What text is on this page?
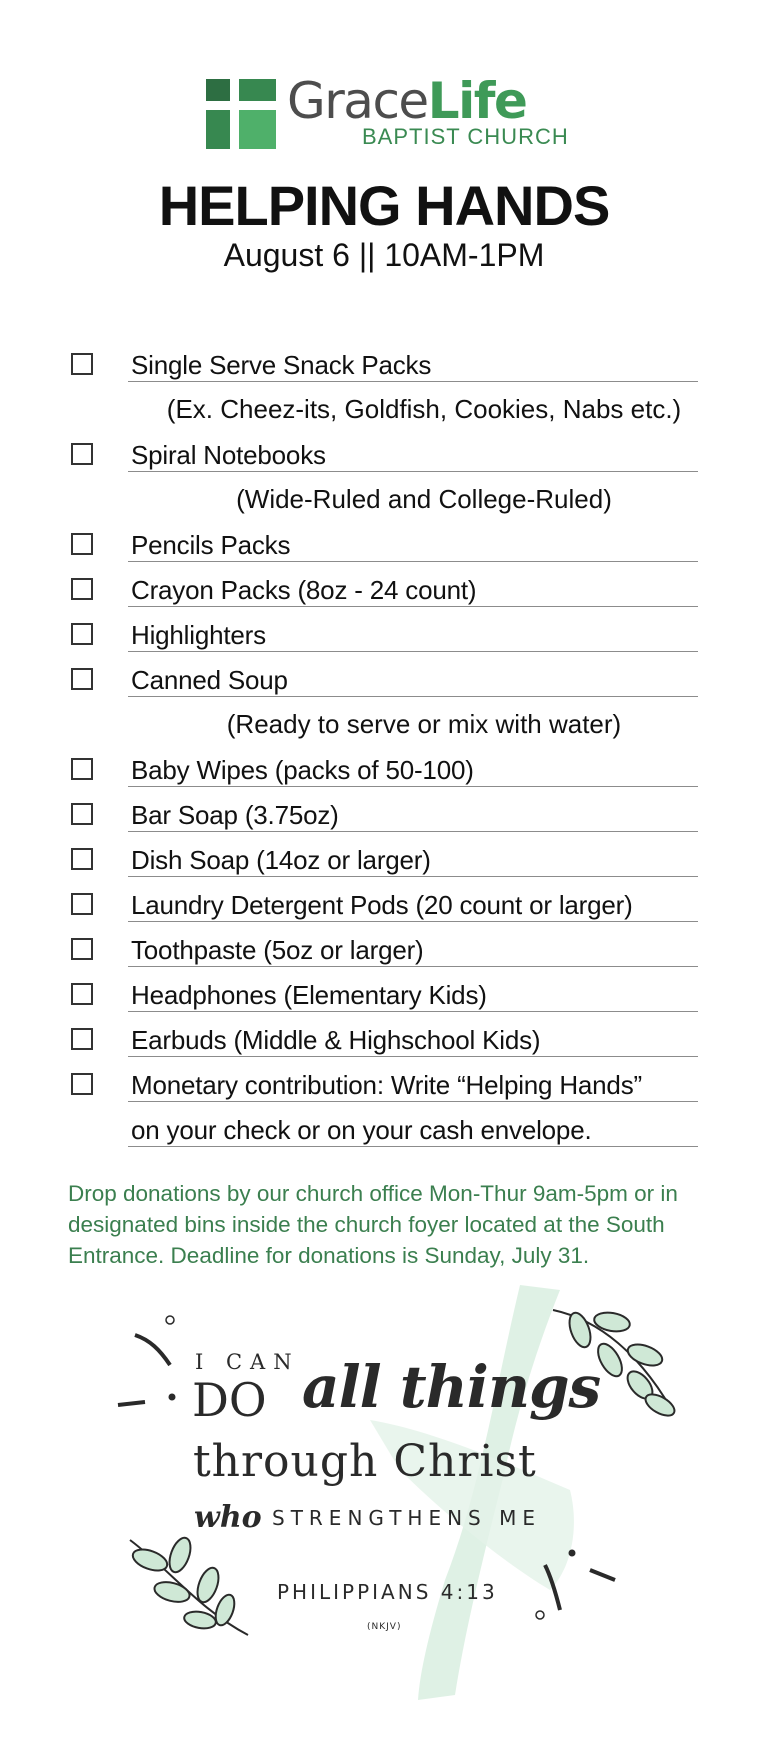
GraceLife
BAPTIST CHURCH
HELPING HANDS
August 6 || 10AM-1PM
Single Serve Snack Packs
(Ex. Cheez-its, Goldfish, Cookies, Nabs etc.)
Spiral Notebooks
(Wide-Ruled and College-Ruled)
Pencils Packs
Crayon Packs (8oz - 24 count)
Highlighters
Canned Soup
(Ready to serve or mix with water)
Baby Wipes (packs of 50-100)
Bar Soap (3.75oz)
Dish Soap (14oz or larger)
Laundry Detergent Pods (20 count or larger)
Toothpaste (5oz or larger)
Headphones (Elementary Kids)
Earbuds (Middle & Highschool Kids)
Monetary contribution: Write “Helping Hands”
on your check or on your cash envelope.
Drop donations by our church office Mon-Thur 9am-5pm or in designated bins inside the church foyer located at the South Entrance. Deadline for donations is Sunday, July 31.
I CAN
DO all things
through Christ
who STRENGTHENS ME
PHILIPPIANS 4:13
(NKJV)
